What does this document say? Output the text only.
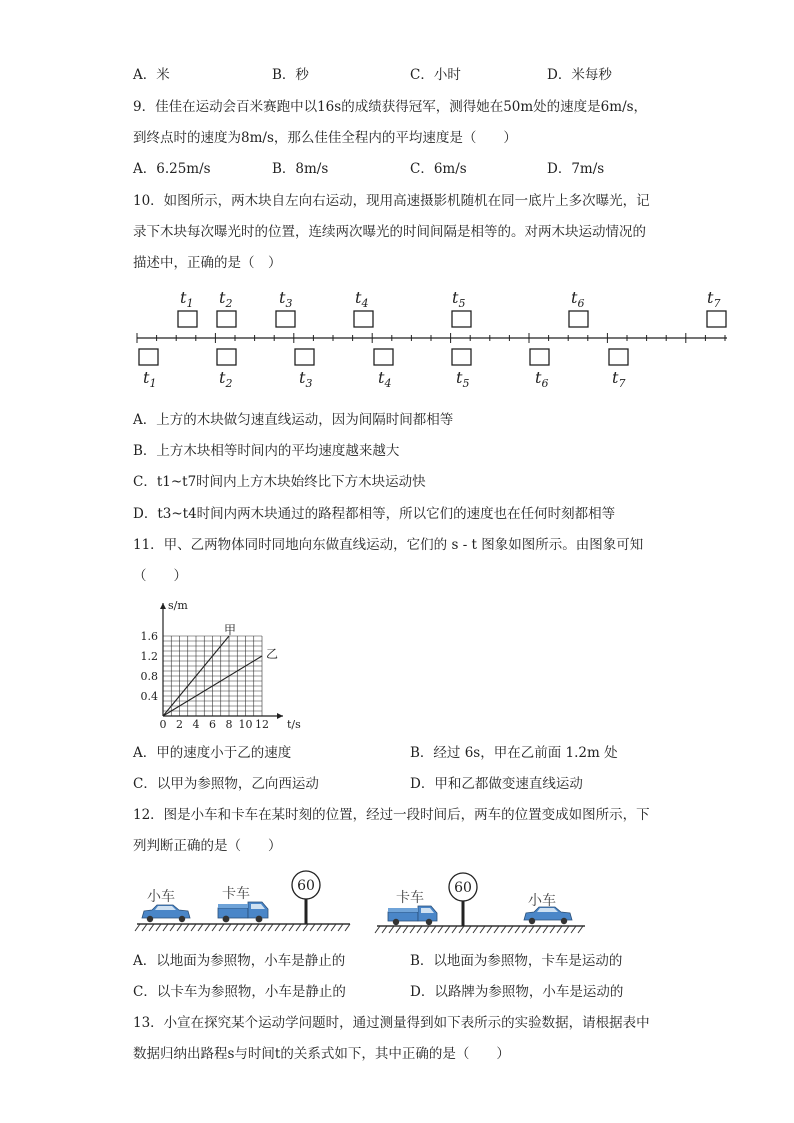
A．米	B．秒	C．小时	D．米每秒
9．佳佳在运动会百米赛跑中以16s的成绩获得冠军，测得她在50m处的速度是6m/s，
到终点时的速度为8m/s，那么佳佳全程内的平均速度是（　　）
A．6.25m/s	B．8m/s	C．6m/s	D．7m/s
10．如图所示，两木块自左向右运动，现用高速摄影机随机在同一底片上多次曝光，记
录下木块每次曝光时的位置，连续两次曝光的时间间隔是相等的。对两木块运动情况的
描述中，正确的是（　）
$t_1$ $t_2$	$t_3$	$t_4$	$t_5$	$t_6$	$t_7$
$t_1$	$t_2$	$t_3$	$t_4$	$t_5$	$t_6$	$t_7$
A．上方的木块做匀速直线运动，因为间隔时间都相等
B．上方木块相等时间内的平均速度越来越大
C．t1~t7时间内上方木块始终比下方木块运动快
D．t3~t4时间内两木块通过的路程都相等，所以它们的速度也在任何时刻都相等
11．甲、乙两物体同时同地向东做直线运动，它们的 s - t 图象如图所示。由图象可知
（　　）
甲
乙
0 2 4 6 8 10 12
0.4
0.8
1.2
1.6
t/s
s/m
A．甲的速度小于乙的速度	B．经过 6s，甲在乙前面 1.2m 处
C．以甲为参照物，乙向西运动	D．甲和乙都做变速直线运动
12．图是小车和卡车在某时刻的位置，经过一段时间后，两车的位置变成如图所示，下
列判断正确的是（　　）
60
小车	卡车	60
卡车	小车
A．以地面为参照物，小车是静止的	B．以地面为参照物，卡车是运动的
C．以卡车为参照物，小车是静止的	D．以路牌为参照物，小车是运动的
13．小宣在探究某个运动学问题时，通过测量得到如下表所示的实验数据，请根据表中
数据归纳出路程s与时间t的关系式如下，其中正确的是（　　）
